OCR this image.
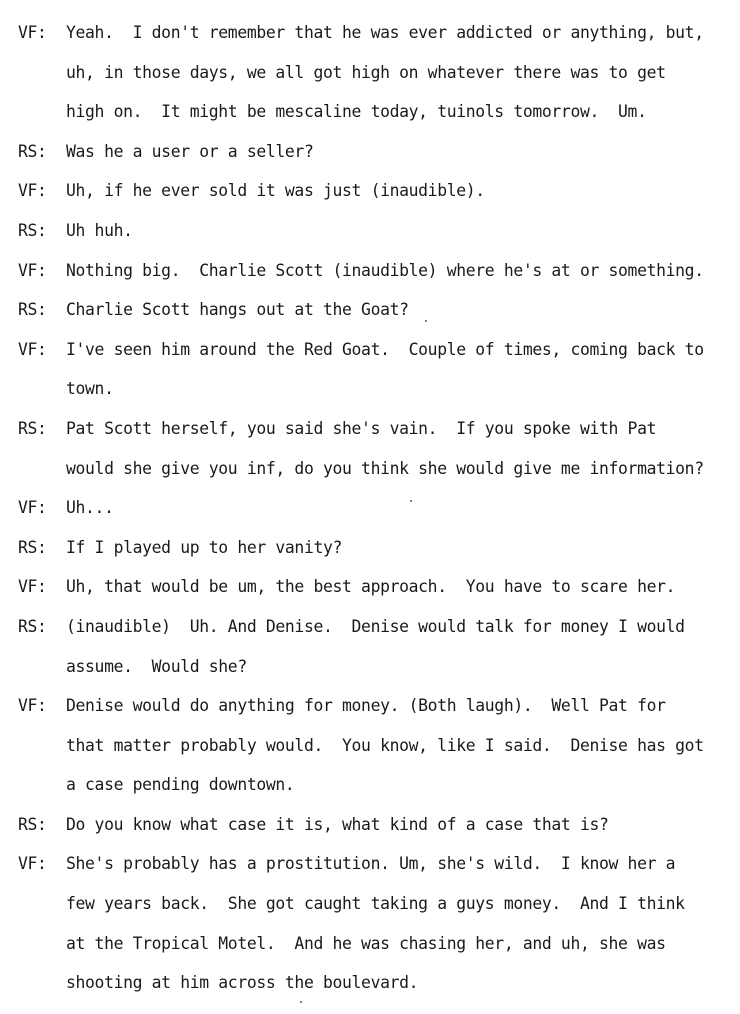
VF:	Yeah.  I don't remember that he was ever addicted or anything, but,
uh, in those days, we all got high on whatever there was to get
high on.  It might be mescaline today, tuinols tomorrow.  Um.
RS:	Was he a user or a seller?
VF:	Uh, if he ever sold it was just (inaudible).
RS:	Uh huh.
VF:	Nothing big.  Charlie Scott (inaudible) where he's at or something.
RS:	Charlie Scott hangs out at the Goat?
VF:	I've seen him around the Red Goat.  Couple of times, coming back to
town.
RS:	Pat Scott herself, you said she's vain.  If you spoke with Pat
would she give you inf, do you think she would give me information?
VF:	Uh...
RS:	If I played up to her vanity?
VF:	Uh, that would be um, the best approach.  You have to scare her.
RS:	(inaudible)  Uh. And Denise.  Denise would talk for money I would
assume.  Would she?
VF:	Denise would do anything for money. (Both laugh).  Well Pat for
that matter probably would.  You know, like I said.  Denise has got
a case pending downtown.
RS:	Do you know what case it is, what kind of a case that is?
VF:	She's probably has a prostitution. Um, she's wild.  I know her a
few years back.  She got caught taking a guys money.  And I think
at the Tropical Motel.  And he was chasing her, and uh, she was
shooting at him across the boulevard.
